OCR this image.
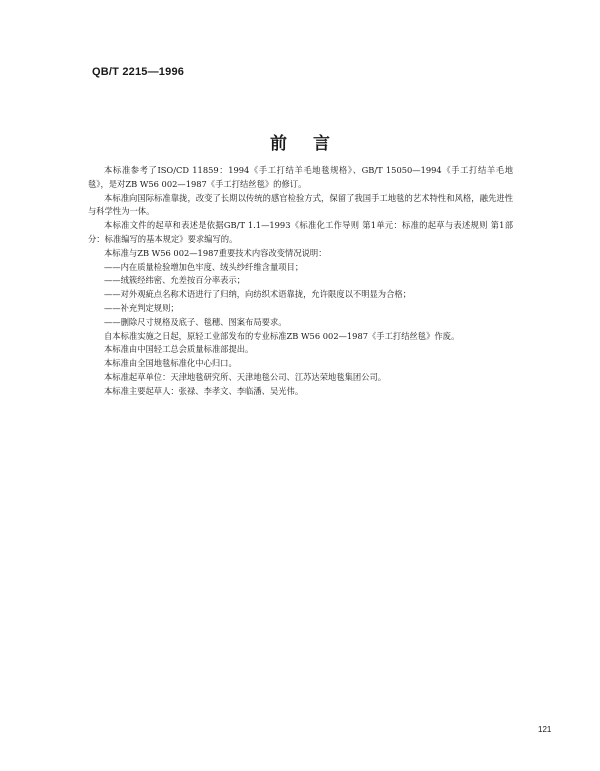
QB/T 2215—1996
前言

本标准参考了ISO/CD 11859：1994《手工打结羊毛地毯规格》、GB/T 15050—1994《手工打结羊毛地毯》，是对ZB W56 002—1987《手工打结丝毯》的修订。

本标准向国际标准靠拢，改变了长期以传统的感官检验方式，保留了我国手工地毯的艺术特性和风格，融先进性与科学性为一体。

本标准文件的起草和表述是依据GB/T 1.1—1993《标准化工作导则 第1单元：标准的起草与表述规则 第1部分：标准编写的基本规定》要求编写的。

本标准与ZB W56 002—1987重要技术内容改变情况说明：

——内在质量检验增加色牢度、绒头纱纤维含量项目；

——绒簇经纬密、允差按百分率表示；

——对外观疵点名称术语进行了归纳，向纺织术语靠拢，允许限度以不明显为合格；

——补充判定规则；

——删除尺寸规格及底子、毯穗、图案布局要求。

自本标准实施之日起，原轻工业部发布的专业标准ZB W56 002—1987《手工打结丝毯》作废。

本标准由中国轻工总会质量标准部提出。

本标准由全国地毯标准化中心归口。

本标准起草单位：天津地毯研究所、天津地毯公司、江苏达荣地毯集团公司。

本标准主要起草人：张禄、李孝文、李临潘、吴光伟。

121
